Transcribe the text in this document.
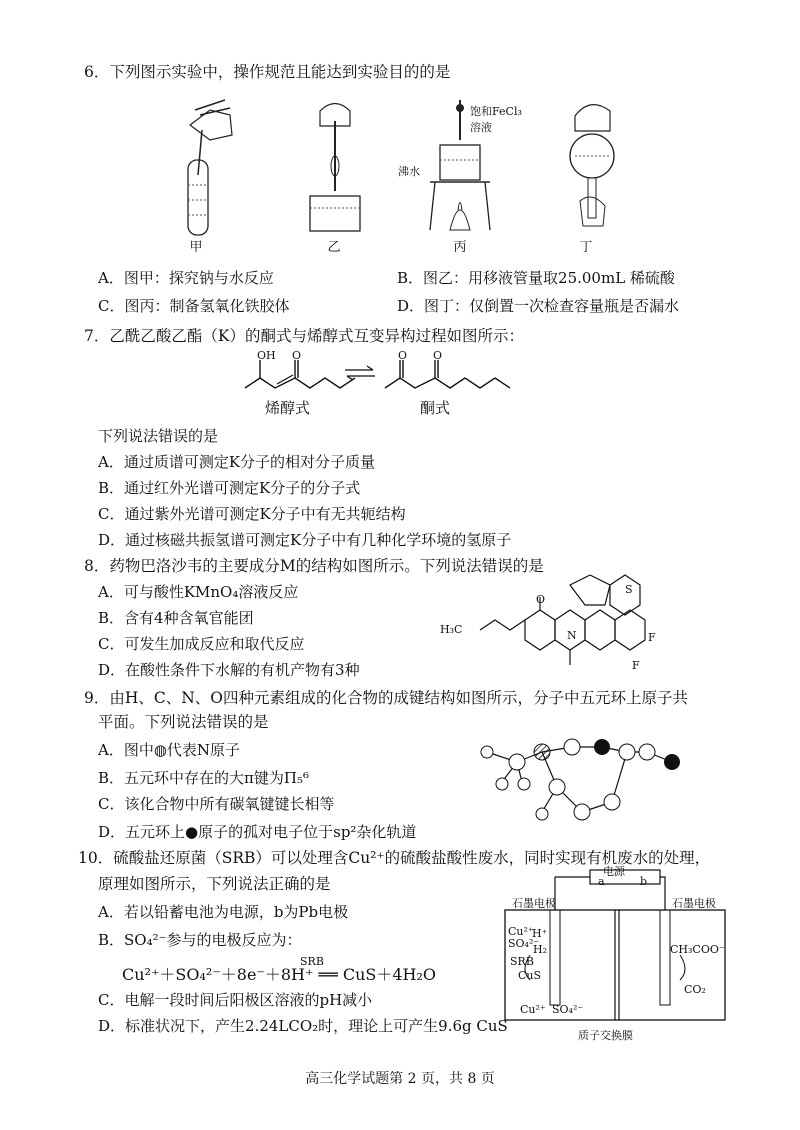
6．下列图示实验中，操作规范且能达到实验目的的是
甲	乙
饱和FeCl₃
溶液
沸水
丙	丁
A．图甲：探究钠与水反应	B．图乙：用移液管量取25.00mL 稀硫酸
C．图丙：制备氢氧化铁胶体	D．图丁：仅倒置一次检查容量瓶是否漏水
7．乙酰乙酸乙酯（K）的酮式与烯醇式互变异构过程如图所示：
OH O
烯醇式
O O
酮式
下列说法错误的是
A．通过质谱可测定K分子的相对分子质量
B．通过红外光谱可测定K分子的分子式
C．通过紫外光谱可测定K分子中有无共轭结构
D．通过核磁共振氢谱可测定K分子中有几种化学环境的氢原子
8．药物巴洛沙韦的主要成分M的结构如图所示。下列说法错误的是
A．可与酸性KMnO₄溶液反应
B．含有4种含氧官能团
C．可发生加成反应和取代反应
D．在酸性条件下水解的有机产物有3种
H₃C
O
N
S
F
F
9．由H、C、N、O四种元素组成的化合物的成键结构如图所示，分子中五元环上原子共
平面。下列说法错误的是
A．图中◍代表N原子
B．五元环中存在的大π键为Π₅⁶
C．该化合物中所有碳氧键键长相等
D．五元环上●原子的孤对电子位于sp²杂化轨道
10．硫酸盐还原菌（SRB）可以处理含Cu²⁺的硫酸盐酸性废水，同时实现有机废水的处理，
原理如图所示，下列说法正确的是
A．若以铅蓄电池为电源，b为Pb电极
B．SO₄²⁻参与的电极反应为：
Cu²⁺＋SO₄²⁻＋8e⁻＋8H⁺ ══ CuS＋4H₂O
SRB
C．电解一段时间后阳极区溶液的pH减小
D．标准状况下，产生2.24LCO₂时，理论上可产生9.6g CuS
电源
a	b
石墨电极	石墨电极
Cu²⁺
SO₄²⁻
H⁺
H₂
SRB
CuS
CH₃COO⁻
CO₂
Cu²⁺ SO₄²⁻
质子交换膜
高三化学试题第 2 页，共 8 页
